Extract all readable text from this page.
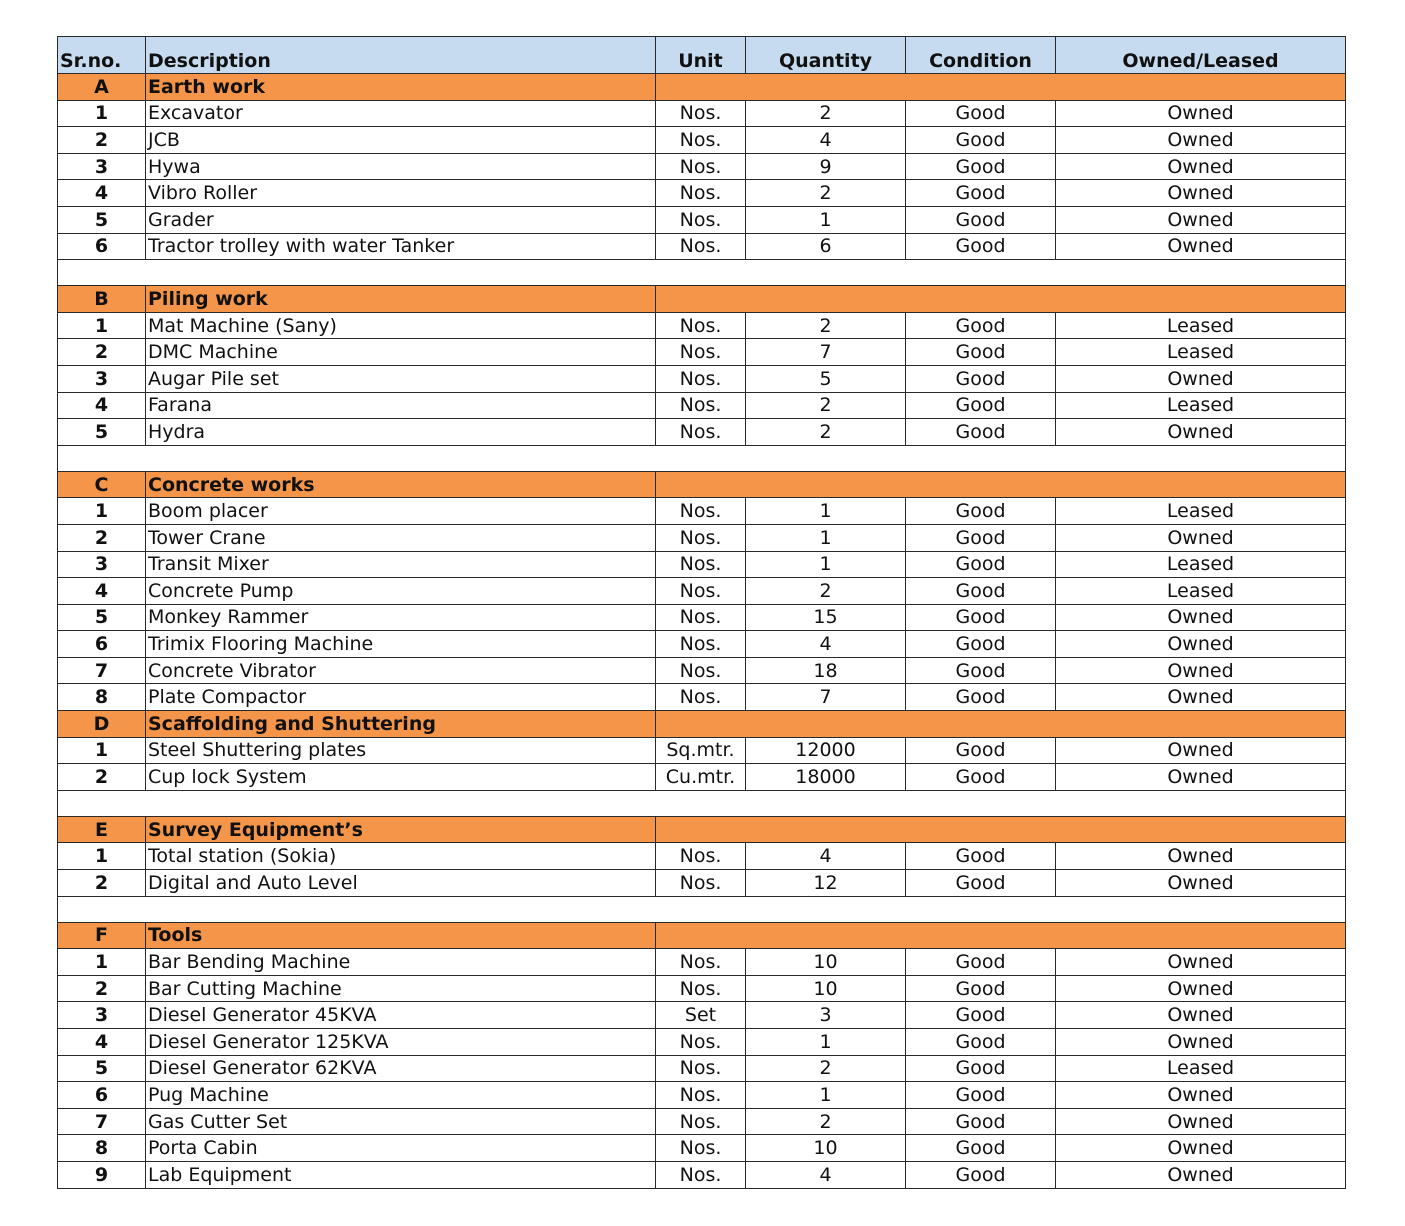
Sr.no.	Description	Unit	Quantity	Condition	Owned/Leased
A	Earth work				
1	Excavator	Nos.	2	Good	Owned
2	JCB	Nos.	4	Good	Owned
3	Hywa	Nos.	9	Good	Owned
4	Vibro Roller	Nos.	2	Good	Owned
5	Grader	Nos.	1	Good	Owned
6	Tractor trolley with water Tanker	Nos.	6	Good	Owned

B	Piling work				
1	Mat Machine (Sany)	Nos.	2	Good	Leased
2	DMC Machine	Nos.	7	Good	Leased
3	Augar Pile set	Nos.	5	Good	Owned
4	Farana	Nos.	2	Good	Leased
5	Hydra	Nos.	2	Good	Owned

C	Concrete works				
1	Boom placer	Nos.	1	Good	Leased
2	Tower Crane	Nos.	1	Good	Owned
3	Transit Mixer	Nos.	1	Good	Leased
4	Concrete Pump	Nos.	2	Good	Leased
5	Monkey Rammer	Nos.	15	Good	Owned
6	Trimix Flooring Machine	Nos.	4	Good	Owned
7	Concrete Vibrator	Nos.	18	Good	Owned
8	Plate Compactor	Nos.	7	Good	Owned
D	Scaffolding and Shuttering				
1	Steel Shuttering plates	Sq.mtr.	12000	Good	Owned
2	Cup lock System	Cu.mtr.	18000	Good	Owned

E	Survey Equipment’s				
1	Total station (Sokia)	Nos.	4	Good	Owned
2	Digital and Auto Level	Nos.	12	Good	Owned

F	Tools				
1	Bar Bending Machine	Nos.	10	Good	Owned
2	Bar Cutting Machine	Nos.	10	Good	Owned
3	Diesel Generator 45KVA	Set	3	Good	Owned
4	Diesel Generator 125KVA	Nos.	1	Good	Owned
5	Diesel Generator 62KVA	Nos.	2	Good	Leased
6	Pug Machine	Nos.	1	Good	Owned
7	Gas Cutter Set	Nos.	2	Good	Owned
8	Porta Cabin	Nos.	10	Good	Owned
9	Lab Equipment	Nos.	4	Good	Owned
